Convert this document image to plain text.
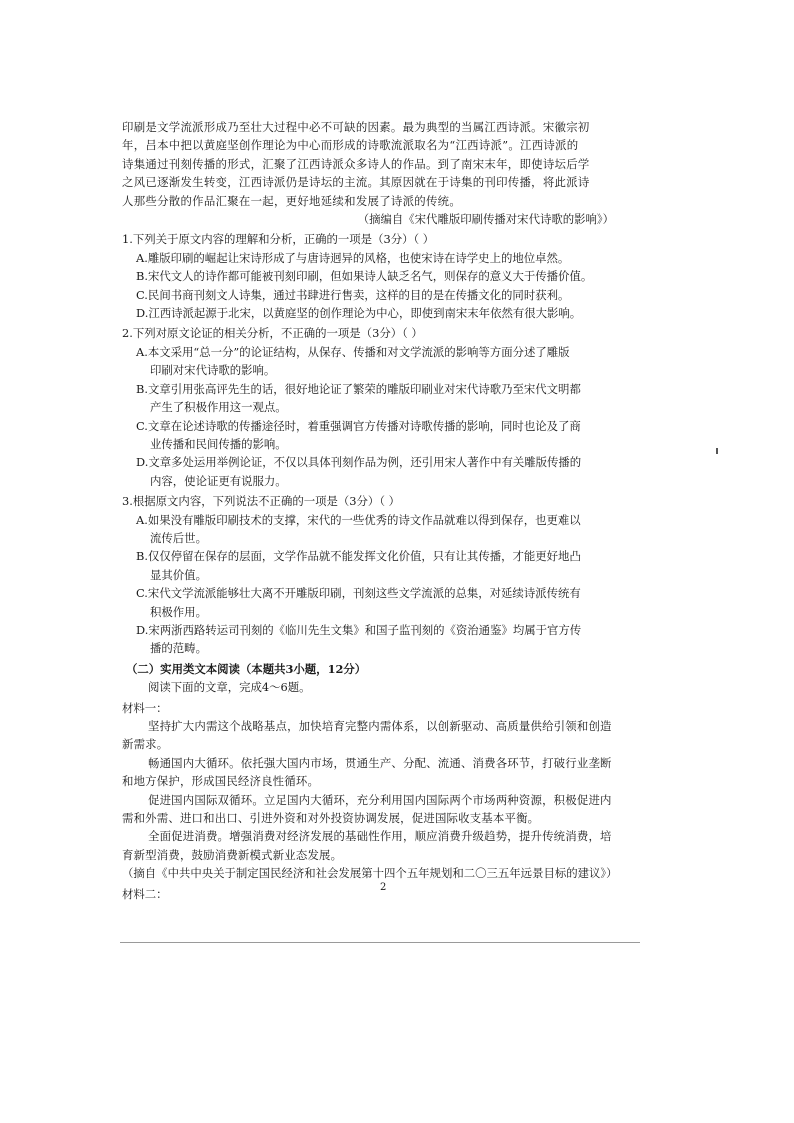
印刷是文学流派形成乃至壮大过程中必不可缺的因素。最为典型的当属江西诗派。宋徽宗初

年，吕本中把以黄庭坚创作理论为中心而形成的诗歌流派取名为“江西诗派”。江西诗派的

诗集通过刊刻传播的形式，汇聚了江西诗派众多诗人的作品。到了南宋末年，即使诗坛后学

之风已逐渐发生转变，江西诗派仍是诗坛的主流。其原因就在于诗集的刊印传播，将此派诗

人那些分散的作品汇聚在一起，更好地延续和发展了诗派的传统。

（摘编自《宋代雕版印刷传播对宋代诗歌的影响》）

1.下列关于原文内容的理解和分析，正确的一项是（3分）（ ）

A.雕版印刷的崛起让宋诗形成了与唐诗迥异的风格，也使宋诗在诗学史上的地位卓然。

B.宋代文人的诗作都可能被刊刻印刷，但如果诗人缺乏名气，则保存的意义大于传播价值。

C.民间书商刊刻文人诗集，通过书肆进行售卖，这样的目的是在传播文化的同时获利。

D.江西诗派起源于北宋，以黄庭坚的创作理论为中心，即使到南宋末年依然有很大影响。

2.下列对原文论证的相关分析，不正确的一项是（3分）（ ）

A.本文采用“总一分”的论证结构，从保存、传播和对文学流派的影响等方面分述了雕版
印刷对宋代诗歌的影响。

B.文章引用张高评先生的话，很好地论证了繁荣的雕版印刷业对宋代诗歌乃至宋代文明都
产生了积极作用这一观点。

C.文章在论述诗歌的传播途径时，着重强调官方传播对诗歌传播的影响，同时也论及了商
业传播和民间传播的影响。

D.文章多处运用举例论证，不仅以具体刊刻作品为例，还引用宋人著作中有关雕版传播的
内容，使论证更有说服力。

3.根据原文内容，下列说法不正确的一项是（3分）（ ）

A.如果没有雕版印刷技术的支撑，宋代的一些优秀的诗文作品就难以得到保存，也更难以
流传后世。

B.仅仅停留在保存的层面，文学作品就不能发挥文化价值，只有让其传播，才能更好地凸
显其价值。

C.宋代文学流派能够壮大离不开雕版印刷，刊刻这些文学流派的总集，对延续诗派传统有
积极作用。

D.宋两浙西路转运司刊刻的《临川先生文集》和国子监刊刻的《资治通鉴》均属于官方传
播的范畴。

（二）实用类文本阅读（本题共3小题，12分）

阅读下面的文章，完成4～6题。

材料一：

坚持扩大内需这个战略基点，加快培育完整内需体系，以创新驱动、高质量供给引领和创造新需求。

畅通国内大循环。依托强大国内市场，贯通生产、分配、流通、消费各环节，打破行业垄断和地方保护，形成国民经济良性循环。

促进国内国际双循环。立足国内大循环，充分利用国内国际两个市场两种资源，积极促进内需和外需、进口和出口、引进外资和对外投资协调发展，促进国际收支基本平衡。

全面促进消费。增强消费对经济发展的基础性作用，顺应消费升级趋势，提升传统消费，培育新型消费，鼓励消费新模式新业态发展。

（摘自《中共中央关于制定国民经济和社会发展第十四个五年规划和二〇三五年远景目标的建议》）

材料二：	2
